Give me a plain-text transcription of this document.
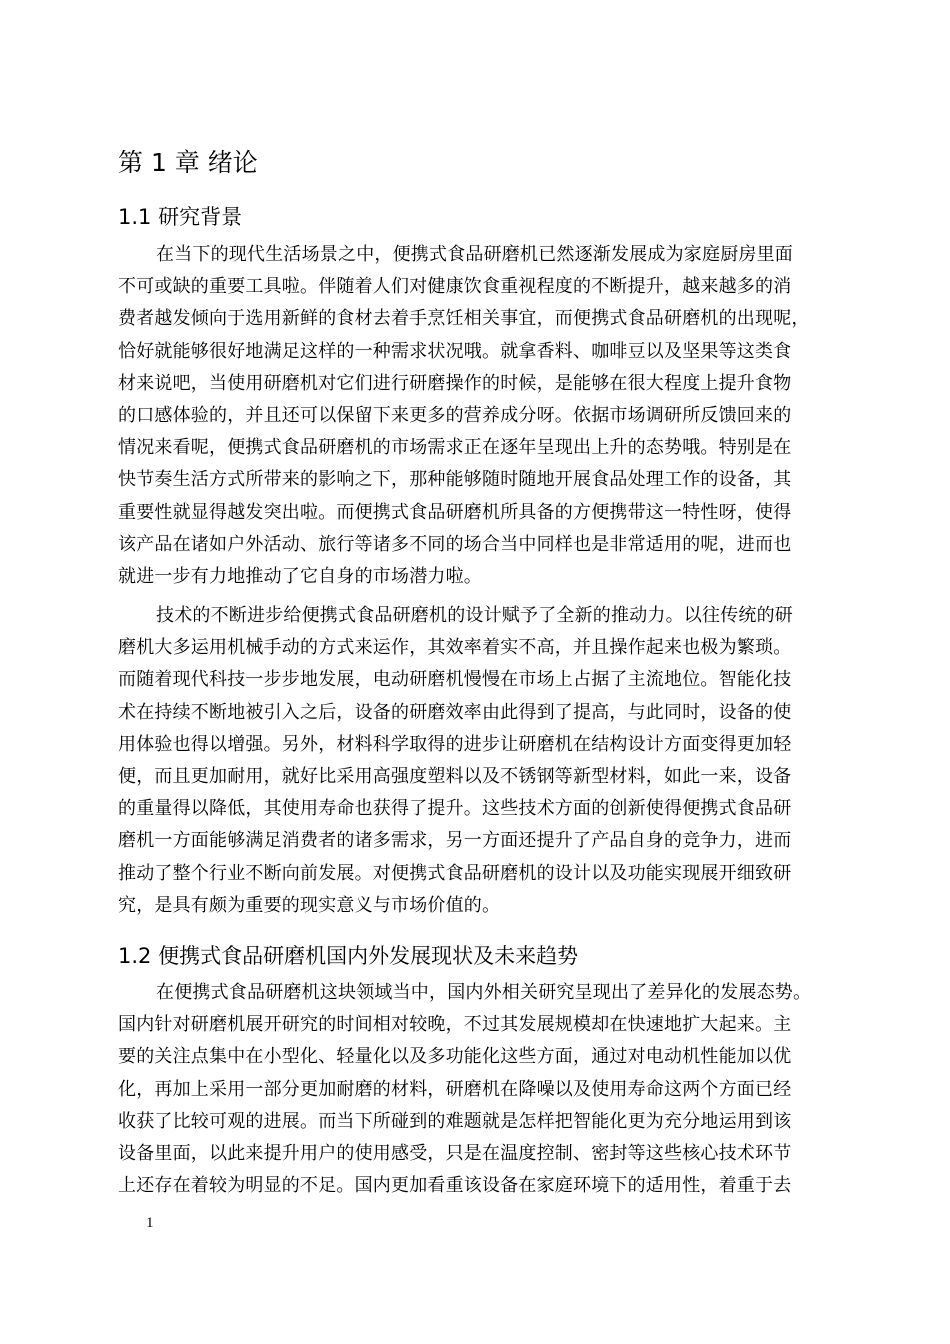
第 1 章 绪论
1.1 研究背景
在当下的现代生活场景之中，便携式食品研磨机已然逐渐发展成为家庭厨房里面
不可或缺的重要工具啦。伴随着人们对健康饮食重视程度的不断提升，越来越多的消
费者越发倾向于选用新鲜的食材去着手烹饪相关事宜，而便携式食品研磨机的出现呢，
恰好就能够很好地满足这样的一种需求状况哦。就拿香料、咖啡豆以及坚果等这类食
材来说吧，当使用研磨机对它们进行研磨操作的时候，是能够在很大程度上提升食物
的口感体验的，并且还可以保留下来更多的营养成分呀。依据市场调研所反馈回来的
情况来看呢，便携式食品研磨机的市场需求正在逐年呈现出上升的态势哦。特别是在
快节奏生活方式所带来的影响之下，那种能够随时随地开展食品处理工作的设备，其
重要性就显得越发突出啦。而便携式食品研磨机所具备的方便携带这一特性呀，使得
该产品在诸如户外活动、旅行等诸多不同的场合当中同样也是非常适用的呢，进而也
就进一步有力地推动了它自身的市场潜力啦。
技术的不断进步给便携式食品研磨机的设计赋予了全新的推动力。以往传统的研
磨机大多运用机械手动的方式来运作，其效率着实不高，并且操作起来也极为繁琐。
而随着现代科技一步步地发展，电动研磨机慢慢在市场上占据了主流地位。智能化技
术在持续不断地被引入之后，设备的研磨效率由此得到了提高，与此同时，设备的使
用体验也得以增强。另外，材料科学取得的进步让研磨机在结构设计方面变得更加轻
便，而且更加耐用，就好比采用高强度塑料以及不锈钢等新型材料，如此一来，设备
的重量得以降低，其使用寿命也获得了提升。这些技术方面的创新使得便携式食品研
磨机一方面能够满足消费者的诸多需求，另一方面还提升了产品自身的竞争力，进而
推动了整个行业不断向前发展。对便携式食品研磨机的设计以及功能实现展开细致研
究，是具有颇为重要的现实意义与市场价值的。
1.2 便携式食品研磨机国内外发展现状及未来趋势
在便携式食品研磨机这块领域当中，国内外相关研究呈现出了差异化的发展态势。
国内针对研磨机展开研究的时间相对较晚，不过其发展规模却在快速地扩大起来。主
要的关注点集中在小型化、轻量化以及多功能化这些方面，通过对电动机性能加以优
化，再加上采用一部分更加耐磨的材料，研磨机在降噪以及使用寿命这两个方面已经
收获了比较可观的进展。而当下所碰到的难题就是怎样把智能化更为充分地运用到该
设备里面，以此来提升用户的使用感受，只是在温度控制、密封等这些核心技术环节
上还存在着较为明显的不足。国内更加看重该设备在家庭环境下的适用性，着重于去
1
